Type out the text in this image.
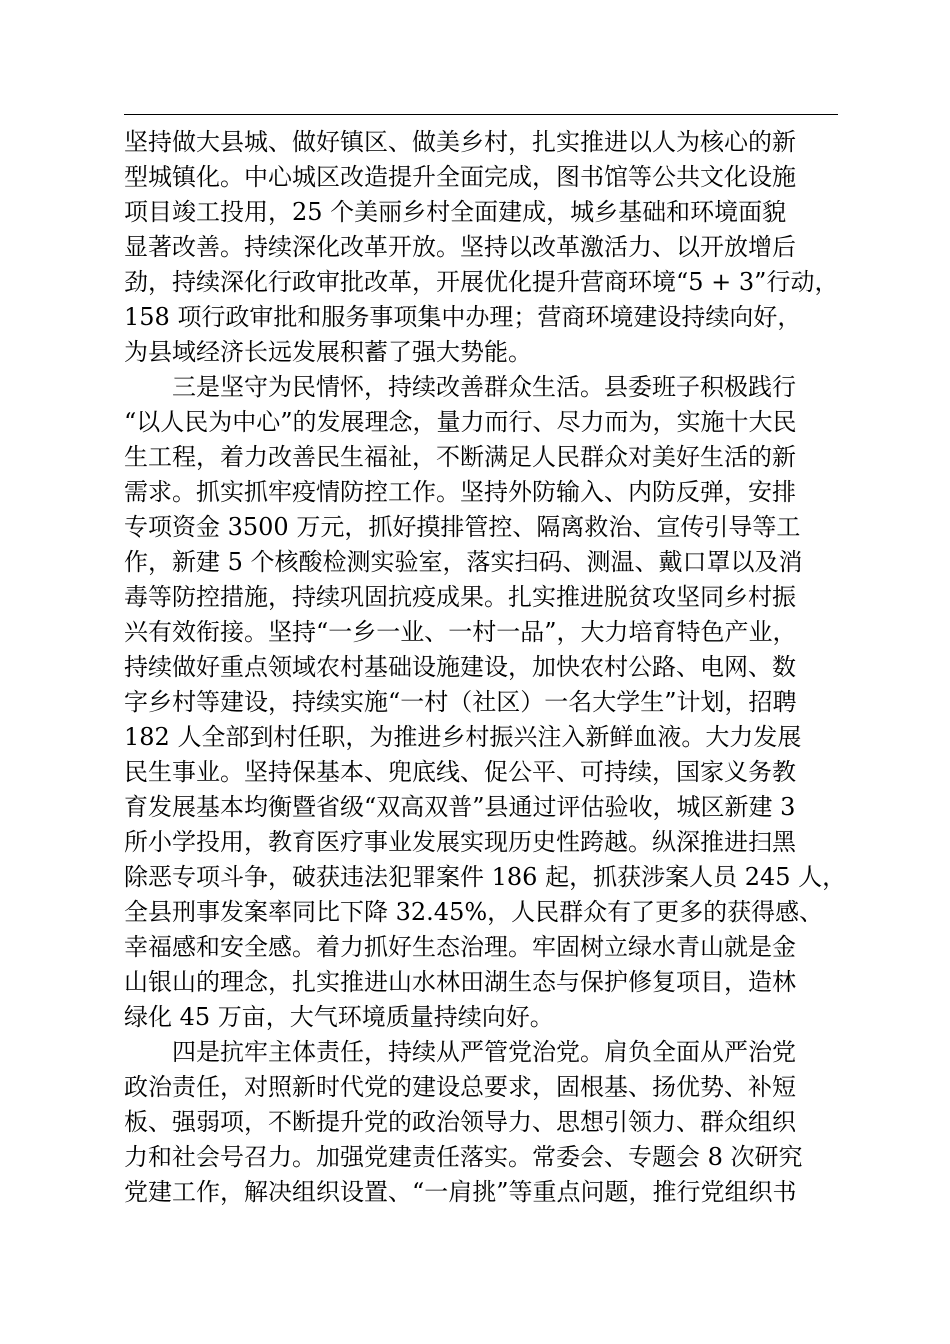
坚持做大县城、做好镇区、做美乡村，扎实推进以人为核心的新
型城镇化。中心城区改造提升全面完成，图书馆等公共文化设施
项目竣工投用，25 个美丽乡村全面建成，城乡基础和环境面貌
显著改善。持续深化改革开放。坚持以改革激活力、以开放增后
劲，持续深化行政审批改革，开展优化提升营商环境“5 + 3”行动，
158 项行政审批和服务事项集中办理；营商环境建设持续向好，
为县域经济长远发展积蓄了强大势能。
三是坚守为民情怀，持续改善群众生活。县委班子积极践行
“以人民为中心”的发展理念，量力而行、尽力而为，实施十大民
生工程，着力改善民生福祉，不断满足人民群众对美好生活的新
需求。抓实抓牢疫情防控工作。坚持外防输入、内防反弹，安排
专项资金 3500 万元，抓好摸排管控、隔离救治、宣传引导等工
作，新建 5 个核酸检测实验室，落实扫码、测温、戴口罩以及消
毒等防控措施，持续巩固抗疫成果。扎实推进脱贫攻坚同乡村振
兴有效衔接。坚持“一乡一业、一村一品”，大力培育特色产业，
持续做好重点领域农村基础设施建设，加快农村公路、电网、数
字乡村等建设，持续实施“一村（社区）一名大学生”计划，招聘
182 人全部到村任职，为推进乡村振兴注入新鲜血液。大力发展
民生事业。坚持保基本、兜底线、促公平、可持续，国家义务教
育发展基本均衡暨省级“双高双普”县通过评估验收，城区新建 3
所小学投用，教育医疗事业发展实现历史性跨越。纵深推进扫黑
除恶专项斗争，破获违法犯罪案件 186 起，抓获涉案人员 245 人，
全县刑事发案率同比下降 32.45%，人民群众有了更多的获得感、
幸福感和安全感。着力抓好生态治理。牢固树立绿水青山就是金
山银山的理念，扎实推进山水林田湖生态与保护修复项目，造林
绿化 45 万亩，大气环境质量持续向好。
四是抗牢主体责任，持续从严管党治党。肩负全面从严治党
政治责任，对照新时代党的建设总要求，固根基、扬优势、补短
板、强弱项，不断提升党的政治领导力、思想引领力、群众组织
力和社会号召力。加强党建责任落实。常委会、专题会 8 次研究
党建工作，解决组织设置、“一肩挑”等重点问题，推行党组织书
